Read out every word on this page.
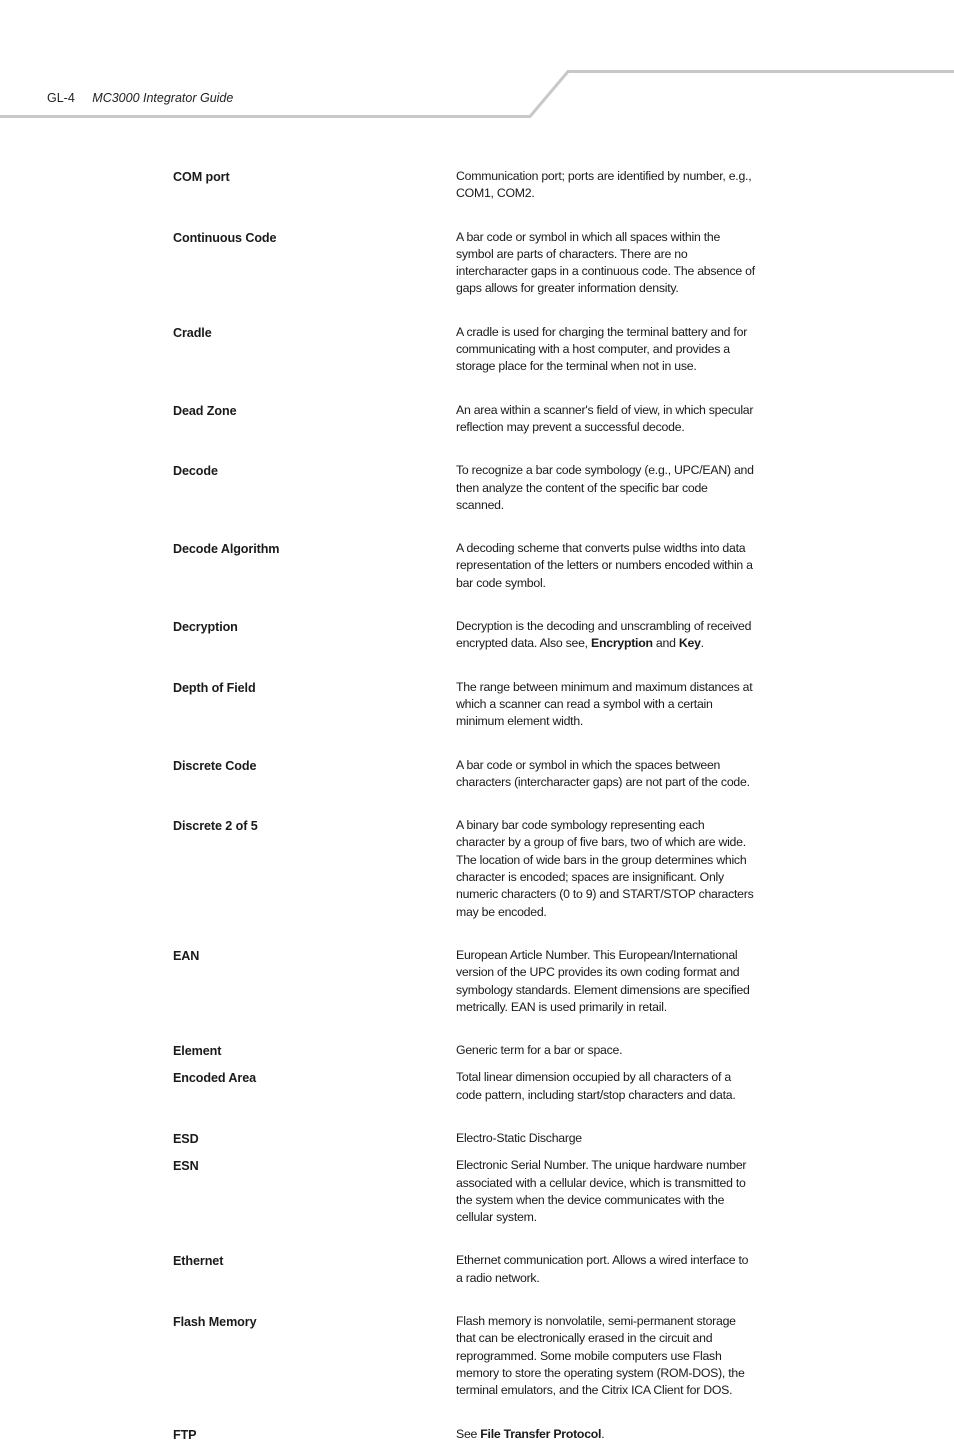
GL-4 MC3000 Integrator Guide
COM port	Communication port; ports are identified by number, e.g., COM1, COM2.
Continuous Code	A bar code or symbol in which all spaces within the symbol are parts of characters. There are no intercharacter gaps in a continuous code. The absence of gaps allows for greater information density.
Cradle	A cradle is used for charging the terminal battery and for communicating with a host computer, and provides a storage place for the terminal when not in use.
Dead Zone	An area within a scanner's field of view, in which specular reflection may prevent a successful decode.
Decode	To recognize a bar code symbology (e.g., UPC/EAN) and then analyze the content of the specific bar code scanned.
Decode Algorithm	A decoding scheme that converts pulse widths into data representation of the letters or numbers encoded within a bar code symbol.
Decryption	Decryption is the decoding and unscrambling of received encrypted data. Also see, Encryption and Key.
Depth of Field	The range between minimum and maximum distances at which a scanner can read a symbol with a certain minimum element width.
Discrete Code	A bar code or symbol in which the spaces between characters (intercharacter gaps) are not part of the code.
Discrete 2 of 5	A binary bar code symbology representing each character by a group of five bars, two of which are wide. The location of wide bars in the group determines which character is encoded; spaces are insignificant. Only numeric characters (0 to 9) and START/STOP characters may be encoded.
EAN	European Article Number. This European/International version of the UPC provides its own coding format and symbology standards. Element dimensions are specified metrically. EAN is used primarily in retail.
Element	Generic term for a bar or space.
Encoded Area	Total linear dimension occupied by all characters of a code pattern, including start/stop characters and data.
ESD	Electro-Static Discharge
ESN	Electronic Serial Number. The unique hardware number associated with a cellular device, which is transmitted to the system when the device communicates with the cellular system.
Ethernet	Ethernet communication port. Allows a wired interface to a radio network.
Flash Memory	Flash memory is nonvolatile, semi-permanent storage that can be electronically erased in the circuit and reprogrammed. Some mobile computers use Flash memory to store the operating system (ROM-DOS), the terminal emulators, and the Citrix ICA Client for DOS.
FTP	See File Transfer Protocol.
